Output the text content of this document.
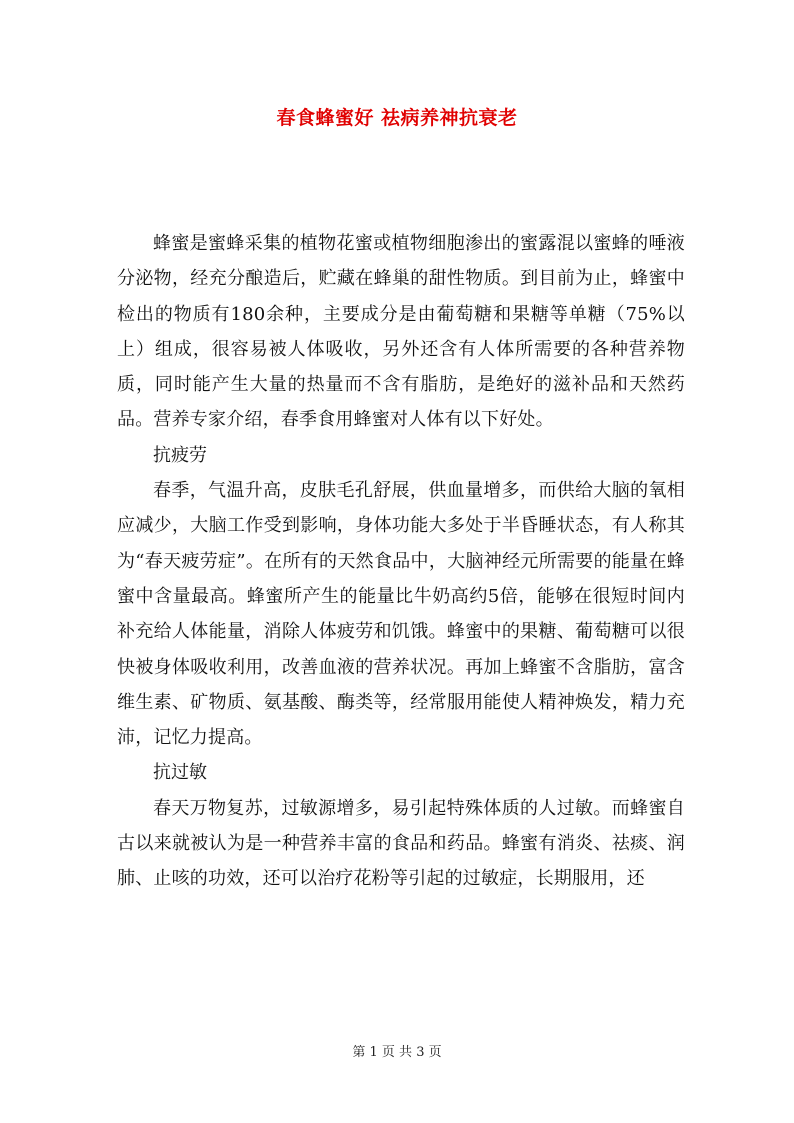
春食蜂蜜好 祛病养神抗衰老

蜂蜜是蜜蜂采集的植物花蜜或植物细胞渗出的蜜露混以蜜蜂的唾液分泌物，经充分酿造后，贮藏在蜂巢的甜性物质。到目前为止，蜂蜜中检出的物质有180余种，主要成分是由葡萄糖和果糖等单糖（75%以上）组成，很容易被人体吸收，另外还含有人体所需要的各种营养物质，同时能产生大量的热量而不含有脂肪，是绝好的滋补品和天然药品。营养专家介绍，春季食用蜂蜜对人体有以下好处。

抗疲劳

春季，气温升高，皮肤毛孔舒展，供血量增多，而供给大脑的氧相应减少，大脑工作受到影响，身体功能大多处于半昏睡状态，有人称其为“春天疲劳症”。在所有的天然食品中，大脑神经元所需要的能量在蜂蜜中含量最高。蜂蜜所产生的能量比牛奶高约5倍，能够在很短时间内补充给人体能量，消除人体疲劳和饥饿。蜂蜜中的果糖、葡萄糖可以很快被身体吸收利用，改善血液的营养状况。再加上蜂蜜不含脂肪，富含维生素、矿物质、氨基酸、酶类等，经常服用能使人精神焕发，精力充沛，记忆力提高。

抗过敏

春天万物复苏，过敏源增多，易引起特殊体质的人过敏。而蜂蜜自古以来就被认为是一种营养丰富的食品和药品。蜂蜜有消炎、祛痰、润肺、止咳的功效，还可以治疗花粉等引起的过敏症，长期服用，还

第 1 页 共 3 页
